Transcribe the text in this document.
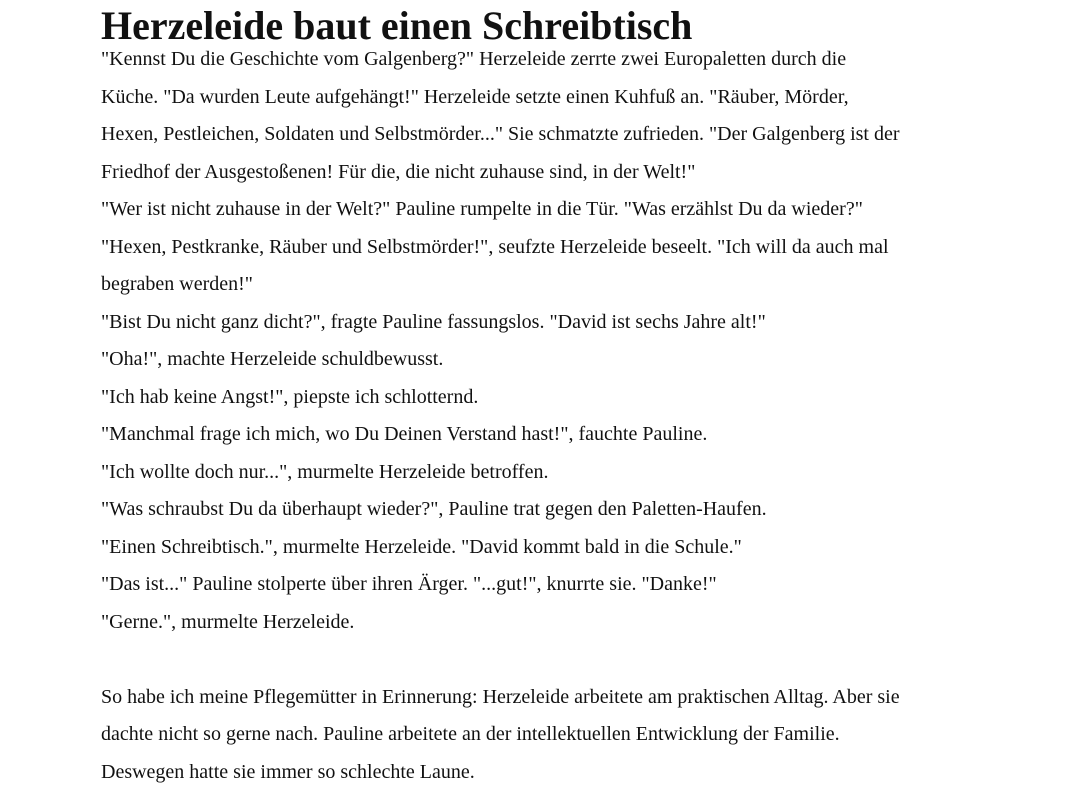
Herzeleide baut einen Schreibtisch

"Kennst Du die Geschichte vom Galgenberg?" Herzeleide zerrte zwei Europaletten durch die
Küche. "Da wurden Leute aufgehängt!" Herzeleide setzte einen Kuhfuß an. "Räuber, Mörder,
Hexen, Pestleichen, Soldaten und Selbstmörder..." Sie schmatzte zufrieden. "Der Galgenberg ist der
Friedhof der Ausgestoßenen! Für die, die nicht zuhause sind, in der Welt!"

"Wer ist nicht zuhause in der Welt?" Pauline rumpelte in die Tür. "Was erzählst Du da wieder?"

"Hexen, Pestkranke, Räuber und Selbstmörder!", seufzte Herzeleide beseelt. "Ich will da auch mal
begraben werden!"

"Bist Du nicht ganz dicht?", fragte Pauline fassungslos. "David ist sechs Jahre alt!"

"Oha!", machte Herzeleide schuldbewusst.

"Ich hab keine Angst!", piepste ich schlotternd.

"Manchmal frage ich mich, wo Du Deinen Verstand hast!", fauchte Pauline.

"Ich wollte doch nur...", murmelte Herzeleide betroffen.

"Was schraubst Du da überhaupt wieder?", Pauline trat gegen den Paletten-Haufen.

"Einen Schreibtisch.", murmelte Herzeleide. "David kommt bald in die Schule."

"Das ist..." Pauline stolperte über ihren Ärger. "...gut!", knurrte sie. "Danke!"

"Gerne.", murmelte Herzeleide.

So habe ich meine Pflegemütter in Erinnerung: Herzeleide arbeitete am praktischen Alltag. Aber sie
dachte nicht so gerne nach. Pauline arbeitete an der intellektuellen Entwicklung der Familie.
Deswegen hatte sie immer so schlechte Laune.
